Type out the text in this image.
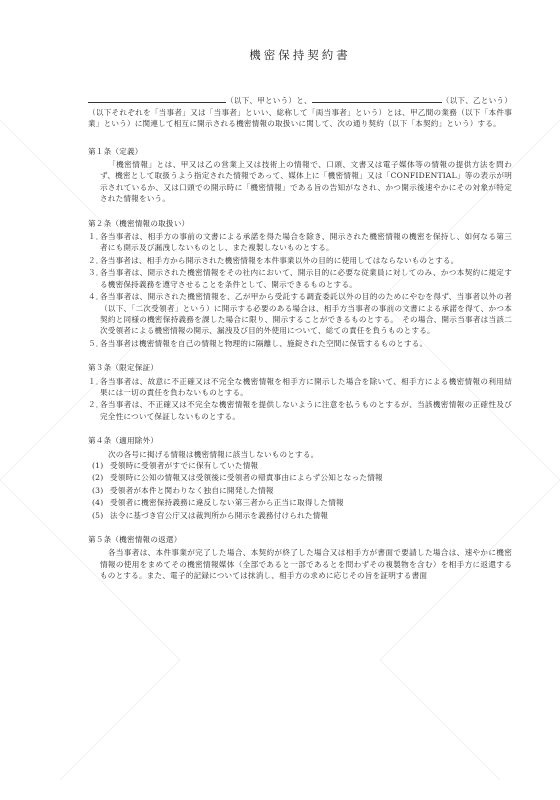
機密保持契約書
（以下、甲という）と、	（以下、乙という）（以下それぞれを「当事者」又は「当事者」といい、総称して「両当事者」という）とは、甲乙間の業務（以下「本件事業」という）に関連して相互に開示される機密情報の取扱いに関して、次の通り契約（以下「本契約」という）する。
第１条（定義）
「機密情報」とは、甲又は乙の営業上又は技術上の情報で、口頭、文書又は電子媒体等の情報の提供方法を問わず、機密として取扱うよう指定された情報であって、媒体上に「機密情報」又は「CONFIDENTIAL」等の表示が明示されているか、又は口頭での開示時に「機密情報」である旨の告知がなされ、かつ開示後速やかにその対象が特定された情報をいう。
第２条（機密情報の取扱い）
１．
各当事者は、相手方の事前の文書による承諾を得た場合を除き、開示された機密情報の機密を保持し、如何なる第三者にも開示及び漏洩しないものとし、また複製しないものとする。
２．
各当事者は、相手方から開示された機密情報を本件事業以外の目的に使用してはならないものとする。
３．
各当事者は、開示された機密情報をその社内において、開示目的に必要な従業員に対してのみ、かつ本契約に規定する機密保持義務を遵守させることを条件として、開示できるものとする。
４．
各当事者は、開示された機密情報を、乙が甲から受託する調査委託以外の目的のためにやむを得ず、当事者以外の者（以下、「二次受領者」という）に開示する必要のある場合は、相手方当事者の事前の文書による承諾を得て、かつ本契約と同様の機密保持義務を課した場合に限り、開示することができるものとする。　その場合、開示当事者は当該二次受領者による機密情報の開示、漏洩及び目的外使用について、総ての責任を負うものとする。
５．
各当事者は機密情報を自己の情報と物理的に隔離し、施錠された空間に保管するものとする。
第３条（限定保証）
１．
各当事者は、故意に不正確又は不完全な機密情報を相手方に開示した場合を除いて、相手方による機密情報の利用結果には一切の責任を負わないものとする。
２．
各当事者は、不正確又は不完全な機密情報を提供しないように注意を払うものとするが、当該機密情報の正確性及び完全性について保証しないものとする。
第４条（適用除外）
次の各号に掲げる情報は機密情報に該当しないものとする。
(1) 受領時に受領者がすでに保有していた情報
(2) 受領時に公知の情報又は受領後に受領者の帰責事由によらず公知となった情報
(3) 受領者が本件と関わりなく独自に開発した情報
(4) 受領者に機密保持義務に違反しない第三者から正当に取得した情報
(5) 法令に基づき官公庁又は裁判所から開示を義務付けられた情報
第５条（機密情報の返還）
各当事者は、本件事業が完了した場合、本契約が終了した場合又は相手方が書面で要請した場合は、速やかに機密情報の使用をまめてその機密情報媒体（全部であると一部であるとを問わずその複製物を含む）を相手方に返還するものとする。また、電子的記録については抹消し、相手方の求めに応じその旨を証明する書面
